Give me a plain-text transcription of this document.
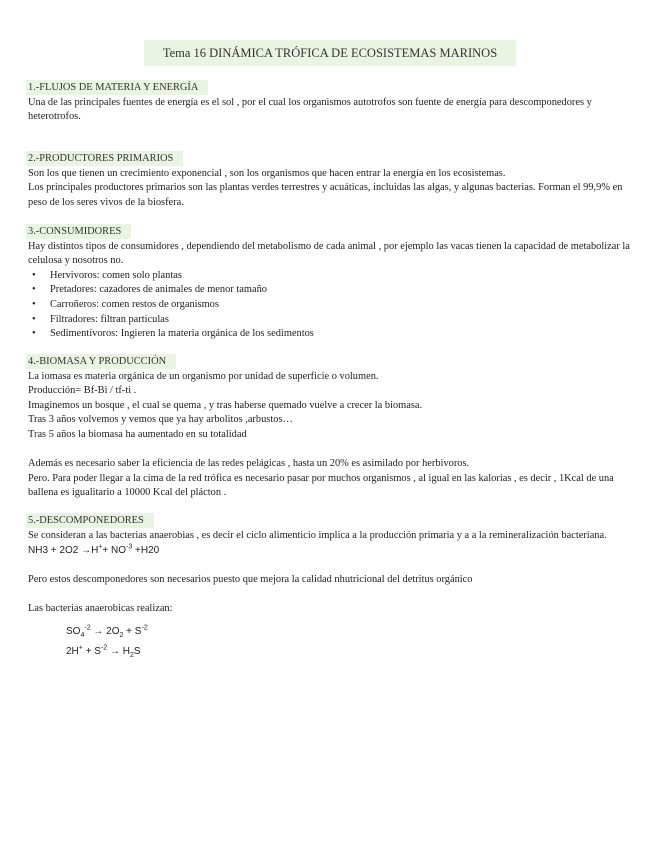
Tema 16 DINÁMICA TRÓFICA DE ECOSISTEMAS MARINOS
1.-FLUJOS DE MATERIA Y ENERGÍA

Una de las principales fuentes de energía es el sol , por el cual los organismos autotrofos son fuente de energía para descomponedores y heterotrofos.

2.-PRODUCTORES PRIMARIOS

Son los que tienen un crecimiento exponencial , son los organismos que hacen entrar la energía en los ecosistemas.

Los principales productores primarios son las plantas verdes terrestres y acuáticas, incluidas las algas, y algunas bacterias. Forman el 99,9% en peso de los seres vivos de la biosfera.

3.-CONSUMIDORES

Hay distintos tipos de consumidores , dependiendo del metabolismo de cada animal , por ejemplo las vacas tienen la capacidad de metabolizar la celulosa y nosotros no.

• Hervivoros: comen solo plantas
• Pretadores: cazadores de animales de menor tamaño
• Carroñeros: comen restos de organismos
• Filtradores: filtran particulas
• Sedimentívoros: Ingieren la materia orgánica de los sedimentos
4.-BIOMASA Y PRODUCCIÓN

La iomasa es materia orgánica de un organismo por unidad de superficie o volumen.

Producción= Bf-Bi / tf-ti .

Imaginemos un bosque , el cual se quema , y tras haberse quemado vuelve a crecer la biomasa.

Tras 3 años volvemos y vemos que ya hay arbolitos ,arbustos…

Tras 5 años la biomasa ha aumentado en su totalidad

Además es necesario saber la eficiencia de las redes pelágicas , hasta un 20% es asimilado por herbivoros.

Pero. Para poder llegar a la cima de la red trófica es necesario pasar por muchos organismos , al igual en las kalorias , es decir , 1Kcal de una ballena es igualitario a 10000 Kcal del plácton .

5.-DESCOMPONEDORES

Se consideran a las bacterias anaerobias , es decir el ciclo alimenticio implica a la producción primaria y a a la remineralización bacteriana.

$NH3 + 2O2 \to H^++ NO^{-3} +H20$

Pero estos descomponedores son necesarios puesto que mejora la calidad nhutricional del detritus orgánico

Las bacterias anaerobicas realizan:

$SO_4^{-2} \to 2O_2 + S^{-2}$
$2H^+ + S^{-2} \to H_2S$
